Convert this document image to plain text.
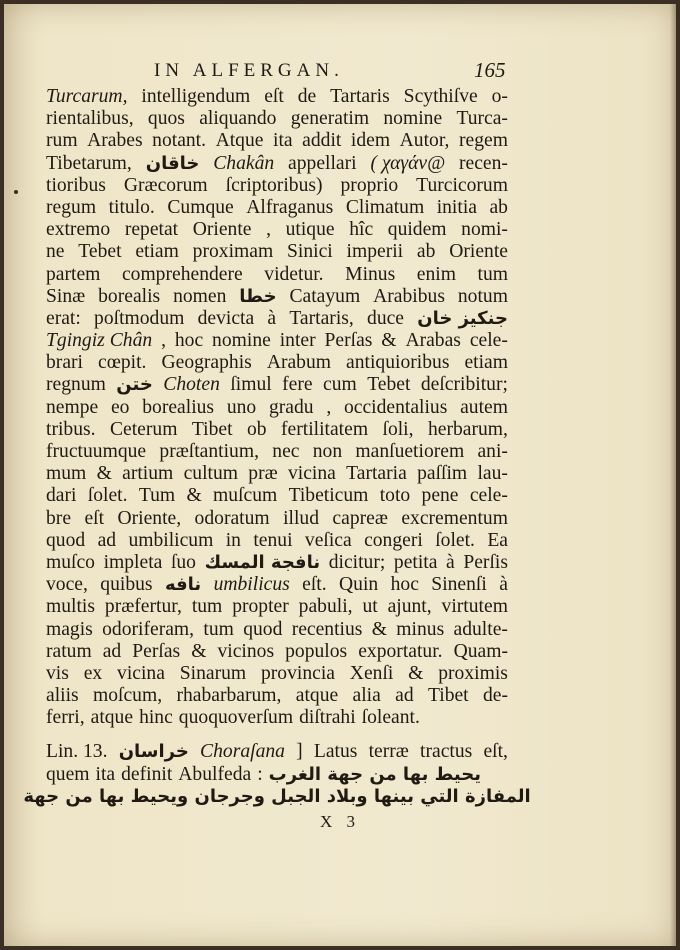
IN ALFERGAN.	165
Turcarum, intelligendum eſt de Tartaris Scythiſve o-
rientalibus, quos aliquando generatim nomine Turca-
rum Arabes notant. Atque ita addit idem Autor, regem
Tibetarum, خاقان Chakân appellari ( χαγάν@ recen-
tioribus Græcorum ſcriptoribus) proprio Turcicorum
regum titulo. Cumque Alfraganus Climatum initia ab
extremo repetat Oriente , utique hîc quidem nomi-
ne Tebet etiam proximam Sinici imperii ab Oriente
partem comprehendere videtur. Minus enim tum
Sinæ borealis nomen خطا Catayum Arabibus notum
erat: poſtmodum devicta à Tartaris, duce جنكيز خان
Tgingiz Chân , hoc nomine inter Perſas & Arabas cele-
brari cœpit. Geographis Arabum antiquioribus etiam
regnum ختن Choten ſimul fere cum Tebet deſcribitur;
nempe eo borealius uno gradu , occidentalius autem
tribus. Ceterum Tibet ob fertilitatem ſoli, herbarum,
fructuumque præſtantium, nec non manſuetiorem ani-
mum & artium cultum præ vicina Tartaria paſſim lau-
dari ſolet. Tum & muſcum Tibeticum toto pene cele-
bre eſt Oriente, odoratum illud capreæ excrementum
quod ad umbilicum in tenui veſica congeri ſolet. Ea
muſco impleta ſuo نافجة المسك dicitur; petita à Perſis
voce, quibus نافه umbilicus eſt. Quin hoc Sinenſi à
multis præfertur, tum propter pabuli, ut ajunt, virtutem
magis odoriferam, tum quod recentius & minus adulte-
ratum ad Perſas & vicinos populos exportatur. Quam-
vis ex vicina Sinarum provincia Xenſi & proximis
aliis moſcum, rhabarbarum, atque alia ad Tibet de-
ferri, atque hinc quoquoverſum diſtrahi ſoleant.
Lin. 13. خراسان Choraſana ] Latus terræ tractus eſt,
quem ita definit Abulfeda : يحيط بها من جهة الغرب
المفازة التي بينها وبلاد الجبل وجرجان ويحيط بها من جهة
X 3
